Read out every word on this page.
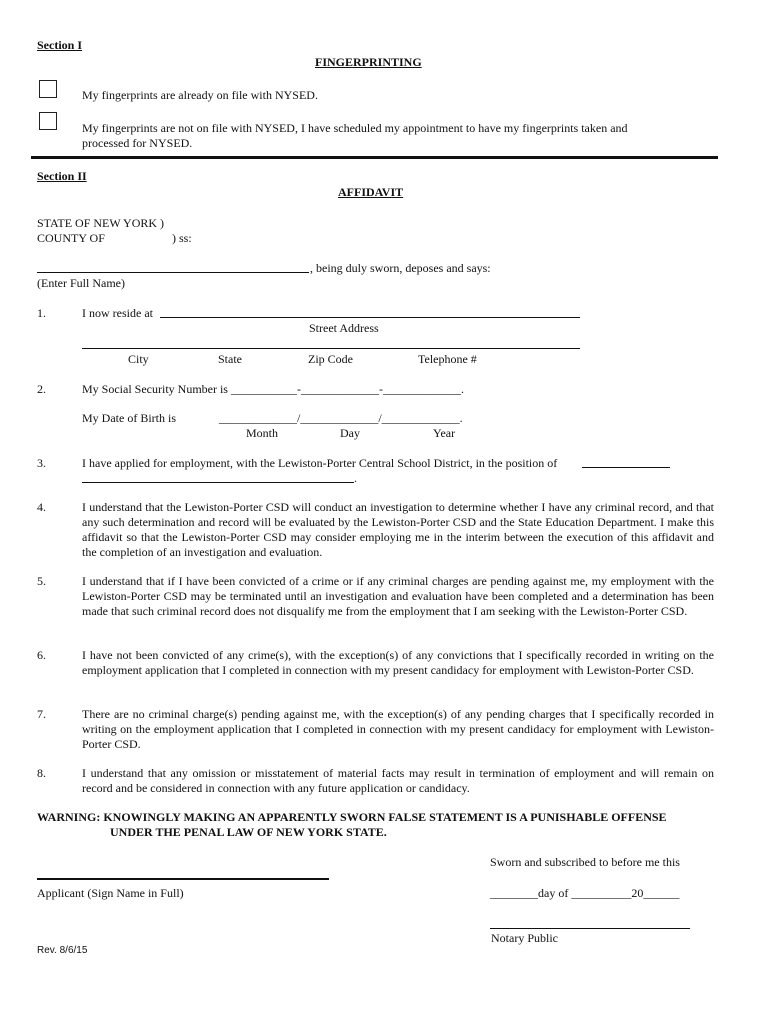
Section I
FINGERPRINTING
My fingerprints are already on file with NYSED.
My fingerprints are not on file with NYSED, I have scheduled my appointment to have my fingerprints taken and
processed for NYSED.
Section II
AFFIDAVIT
STATE OF NEW YORK )
COUNTY OF	) ss:
, being duly sworn, deposes and says:
(Enter Full Name)
1.	I now reside at
Street Address
City	State	Zip Code	Telephone #
2.	My Social Security Number is ___________-_____________-_____________.
My Date of Birth is	_____________/_____________/_____________.
Month	Day	Year
3.	I have applied for employment, with the Lewiston-Porter Central School District, in the position of
.
4.	I understand that the Lewiston-Porter CSD will conduct an investigation to determine whether I have any criminal record, and that any such determination and record will be evaluated by the Lewiston-Porter CSD and the State Education Department. I make this affidavit so that the Lewiston-Porter CSD may consider employing me in the interim between the execution of this affidavit and the completion of an investigation and evaluation.
5.	I understand that if I have been convicted of a crime or if any criminal charges are pending against me, my employment with the Lewiston-Porter CSD may be terminated until an investigation and evaluation have been completed and a determination has been made that such criminal record does not disqualify me from the employment that I am seeking with the Lewiston-Porter CSD.
6.	I have not been convicted of any crime(s), with the exception(s) of any convictions that I specifically recorded in writing on the employment application that I completed in connection with my present candidacy for employment with Lewiston-Porter CSD.
7.	There are no criminal charge(s) pending against me, with the exception(s) of any pending charges that I specifically recorded in writing on the employment application that I completed in connection with my present candidacy for employment with Lewiston-Porter CSD.
8.	I understand that any omission or misstatement of material facts may result in termination of employment and will remain on record and be considered in connection with any future application or candidacy.
WARNING: KNOWINGLY MAKING AN APPARENTLY SWORN FALSE STATEMENT IS A PUNISHABLE OFFENSE
UNDER THE PENAL LAW OF NEW YORK STATE.
Sworn and subscribed to before me this
Applicant (Sign Name in Full)	________day of __________20______
Notary Public
Rev. 8/6/15
